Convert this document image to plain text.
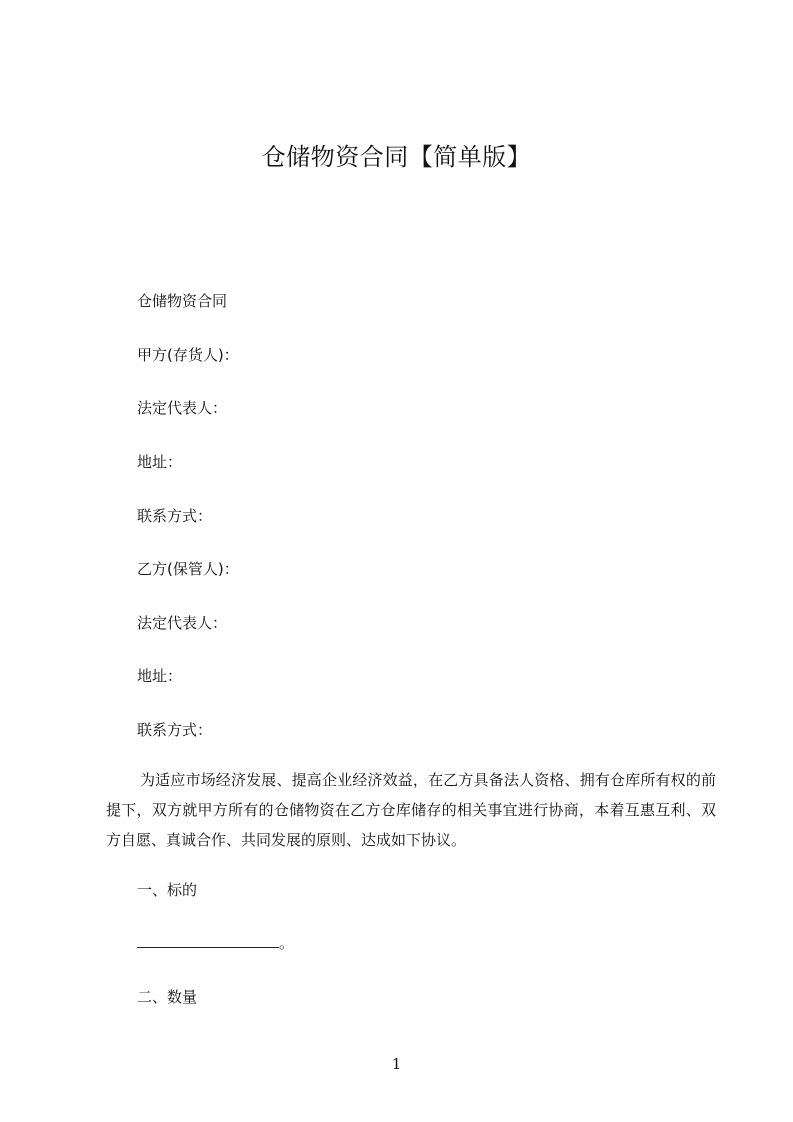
仓储物资合同【简单版】
仓储物资合同
甲方(存货人)：
法定代表人：
地址：
联系方式：
乙方(保管人)：
法定代表人：
地址：
联系方式：
为适应市场经济发展、提高企业经济效益，在乙方具备法人资格、拥有仓库所有权的前提下，双方就甲方所有的仓储物资在乙方仓库储存的相关事宜进行协商，本着互惠互利、双方自愿、真诚合作、共同发展的原则、达成如下协议。
一、标的
。
二、数量
1
